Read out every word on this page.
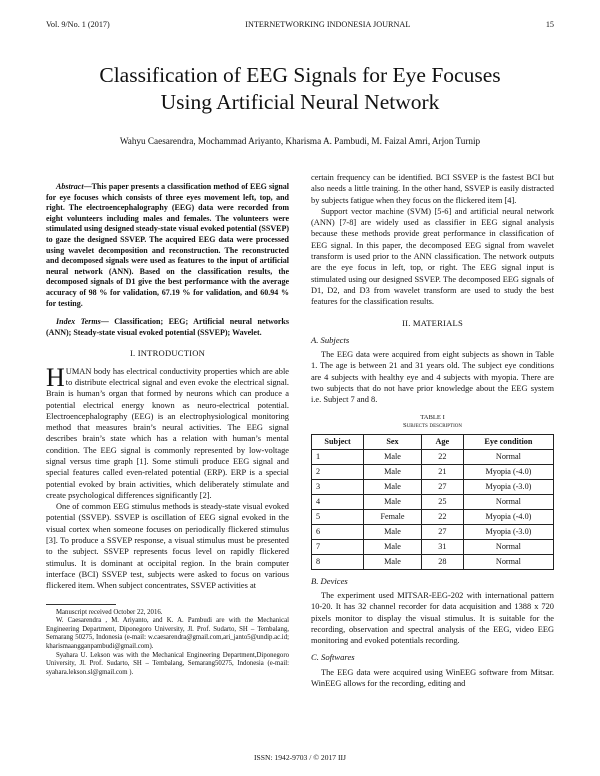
Vol. 9/No. 1 (2017)	INTERNETWORKING INDONESIA JOURNAL	15
Classification of EEG Signals for Eye Focuses
Using Artificial Neural Network
Wahyu Caesarendra, Mochammad Ariyanto, Kharisma A. Pambudi, M. Faizal Amri, Arjon Turnip

Abstract—This paper presents a classification method of EEG signal for eye focuses which consists of three eyes movement left, top, and right. The electroencephalography (EEG) data were recorded from eight volunteers including males and females. The volunteers were stimulated using designed steady-state visual evoked potential (SSVEP) to gaze the designed SSVEP. The acquired EEG data were processed using wavelet decomposition and reconstruction. The reconstructed and decomposed signals were used as features to the input of artificial neural network (ANN). Based on the classification results, the decomposed signals of D1 give the best performance with the average accuracy of 98 % for validation, 67.19 % for validation, and 60.94 % for testing.

Index Terms— Classification; EEG; Artificial neural networks (ANN); Steady-state visual evoked potential (SSVEP); Wavelet.

I. INTRODUCTION

HUMAN body has electrical conductivity properties which are able to distribute electrical signal and even evoke the electrical signal. Brain is human’s organ that formed by neurons which can produce a potential electrical energy known as neuro-electrical potential. Electroencephalography (EEG) is an electrophysiological monitoring method that measures brain’s neural activities. The EEG signal describes brain’s state which has a relation with human’s mental condition. The EEG signal is commonly represented by low-voltage signal versus time graph [1]. Some stimuli produce EEG signal and special features called even-related potential (ERP). ERP is a special potential evoked by brain activities, which deliberately stimulate and create psychological differences significantly [2].

One of common EEG stimulus methods is steady-state visual evoked potential (SSVEP). SSVEP is oscillation of EEG signal evoked in the visual cortex when someone focuses on periodically flickered stimulus [3]. To produce a SSVEP response, a visual stimulus must be presented to the subject. SSVEP represents focus level on rapidly flickered stimulus. It is dominant at occipital region. In the brain computer interface (BCI) SSVEP test, subjects were asked to focus on various flickered item. When subject concentrates, SSVEP activities at

Manuscript received October 22, 2016.

W. Caesarendra , M. Ariyanto, and K. A. Pambudi are with the Mechanical Engineering Department, Diponegoro University, Jl. Prof. Sudarto, SH – Tembalang, Semarang 50275, Indonesia (e-mail: w.caesarendra@gmail.com,ari_janto5@undip.ac.id; kharismaangganpambudi@gmail.com).

Syahara U. Lekson was with the Mechanical Engineering Department,Diponegoro University, Jl. Prof. Sudarto, SH – Tembalang, Semarang50275, Indonesia (e-mail: syahara.lekson.sl@gmail.com ).

certain frequency can be identified. BCI SSVEP is the fastest BCI but also needs a little training. In the other hand, SSVEP is easily distracted by subjects fatigue when they focus on the flickered item [4].

Support vector machine (SVM) [5-6] and artificial neural network (ANN) [7-8] are widely used as classifier in EEG signal analysis because these methods provide great performance in classification of EEG signal. In this paper, the decomposed EEG signal from wavelet transform is used prior to the ANN classification. The network outputs are the eye focus in left, top, or right. The EEG signal input is stimulated using our designed SSVEP. The decomposed EEG signals of D1, D2, and D3 from wavelet transform are used to study the best features for the classification results.

II. MATERIALS
A. Subjects

The EEG data were acquired from eight subjects as shown in Table 1. The age is between 21 and 31 years old. The subject eye conditions are 4 subjects with healthy eye and 4 subjects with myopia. There are two subjects that do not have prior knowledge about the EEG system i.e. Subject 7 and 8.

TABLE I
Subjects description
Subject	Sex	Age	Eye condition
1	Male	22	Normal
2	Male	21	Myopia (-4.0)
3	Male	27	Myopia (-3.0)
4	Male	25	Normal
5	Female	22	Myopia (-4.0)
6	Male	27	Myopia (-3.0)
7	Male	31	Normal
8	Male	28	Normal
B. Devices

The experiment used MITSAR-EEG-202 with international pattern 10-20. It has 32 channel recorder for data acquisition and 1388 x 720 pixels monitor to display the visual stimulus. It is suitable for the recording, observation and spectral analysis of the EEG, video EEG monitoring and evoked potentials recording.

C. Softwares

The EEG data were acquired using WinEEG software from Mitsar. WinEEG allows for the recording, editing and

ISSN: 1942-9703 / © 2017 IIJ
